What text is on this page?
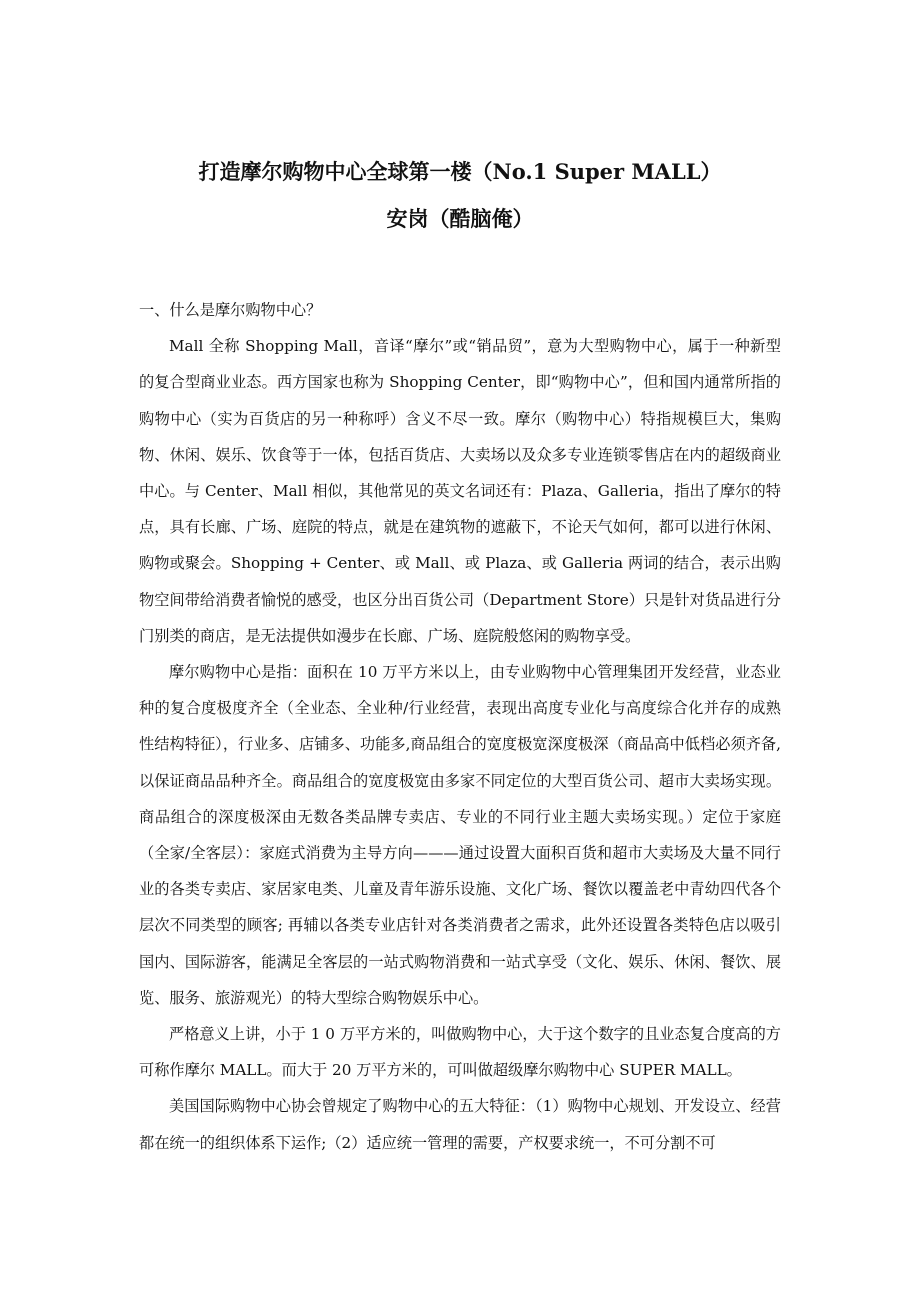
打造摩尔购物中心全球第一楼（No.1 Super MALL）
安岗（酷脑俺）

一、什么是摩尔购物中心？

Mall 全称 Shopping Mall，音译“摩尔”或“销品贸”，意为大型购物中心，属于一种新型的复合型商业业态。西方国家也称为 Shopping Center，即“购物中心”，但和国内通常所指的购物中心（实为百货店的另一种称呼）含义不尽一致。摩尔（购物中心）特指规模巨大，集购物、休闲、娱乐、饮食等于一体，包括百货店、大卖场以及众多专业连锁零售店在内的超级商业中心。与 Center、Mall 相似，其他常见的英文名词还有：Plaza、Galleria，指出了摩尔的特点，具有长廊、广场、庭院的特点，就是在建筑物的遮蔽下，不论天气如何，都可以进行休闲、购物或聚会。Shopping + Center、或 Mall、或 Plaza、或 Galleria 两词的结合，表示出购物空间带给消费者愉悦的感受，也区分出百货公司（Department Store）只是针对货品进行分门别类的商店，是无法提供如漫步在长廊、广场、庭院般悠闲的购物享受。

摩尔购物中心是指：面积在 10 万平方米以上，由专业购物中心管理集团开发经营，业态业种的复合度极度齐全（全业态、全业种/行业经营，表现出高度专业化与高度综合化并存的成熟性结构特征），行业多、店铺多、功能多,商品组合的宽度极宽深度极深（商品高中低档必须齐备,以保证商品品种齐全。商品组合的宽度极宽由多家不同定位的大型百货公司、超市大卖场实现。商品组合的深度极深由无数各类品牌专卖店、专业的不同行业主题大卖场实现。）定位于家庭（全家/全客层）：家庭式消费为主导方向———通过设置大面积百货和超市大卖场及大量不同行业的各类专卖店、家居家电类、儿童及青年游乐设施、文化广场、餐饮以覆盖老中青幼四代各个层次不同类型的顾客; 再辅以各类专业店针对各类消费者之需求，此外还设置各类特色店以吸引国内、国际游客，能满足全客层的一站式购物消费和一站式享受（文化、娱乐、休闲、餐饮、展览、服务、旅游观光）的特大型综合购物娱乐中心。

严格意义上讲，小于 1 0 万平方米的，叫做购物中心，大于这个数字的且业态复合度高的方可称作摩尔 MALL。而大于 20 万平方米的，可叫做超级摩尔购物中心 SUPER MALL。

美国国际购物中心协会曾规定了购物中心的五大特征：（1）购物中心规划、开发设立、经营都在统一的组织体系下运作;（2）适应统一管理的需要，产权要求统一，不可分割不可
